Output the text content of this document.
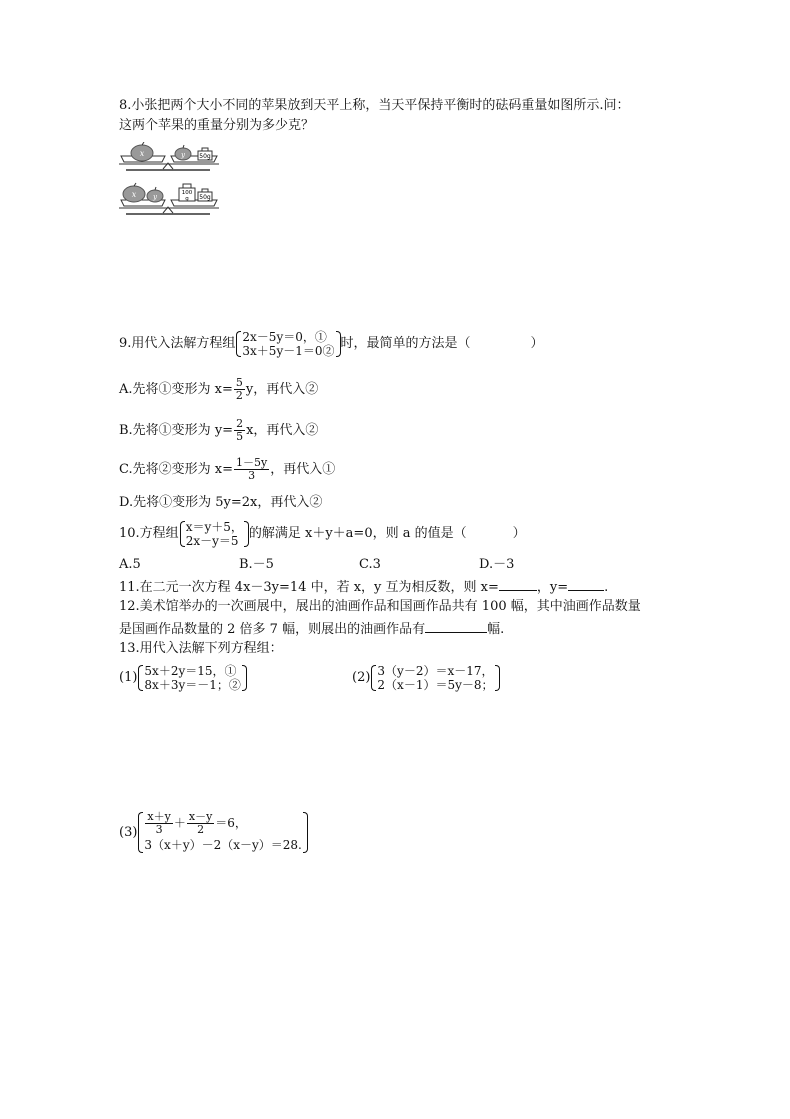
8.小张把两个大小不同的苹果放到天平上称，当天平保持平衡时的砝码重量如图所示.问：
这两个苹果的重量分别为多少克？
x	y 50g
x y	100
g 50g
9.用代入法解方程组 2x－5y＝0，①
3x＋5y－1＝0② 时，最简单的方法是（	）
A.先将①变形为 $x= \frac{5}{2}$ y，再代入②
B.先将①变形为 $y= \frac{2}{5}$ x，再代入②
C.先将②变形为 $x= \frac{1-5y}{3}$ ，再代入①
D.先将①变形为 5y=2x，再代入②
10.方程组 x＝y＋5，
2x－y＝5 的解满足 x＋y＋a=0，则 a 的值是（	）
A.5	B.－5	C.3	D.－3
11.在二元一次方程 4x－3y=14 中，若 x，y 互为相反数，则 x=	，y=	.
12.美术馆举办的一次画展中，展出的油画作品和国画作品共有 100 幅，其中油画作品数量
是国画作品数量的 2 倍多 7 幅，则展出的油画作品有	幅.
13.用代入法解下列方程组：
(1) 5x＋2y＝15，①
8x＋3y＝－1；②	(2) 3（y－2）＝x－17，
2（x－1）＝5y－8；
$(3) \frac{x+y}{3} + \frac{x-y}{2} =6$，
3（x＋y）－2（x－y）＝28.
